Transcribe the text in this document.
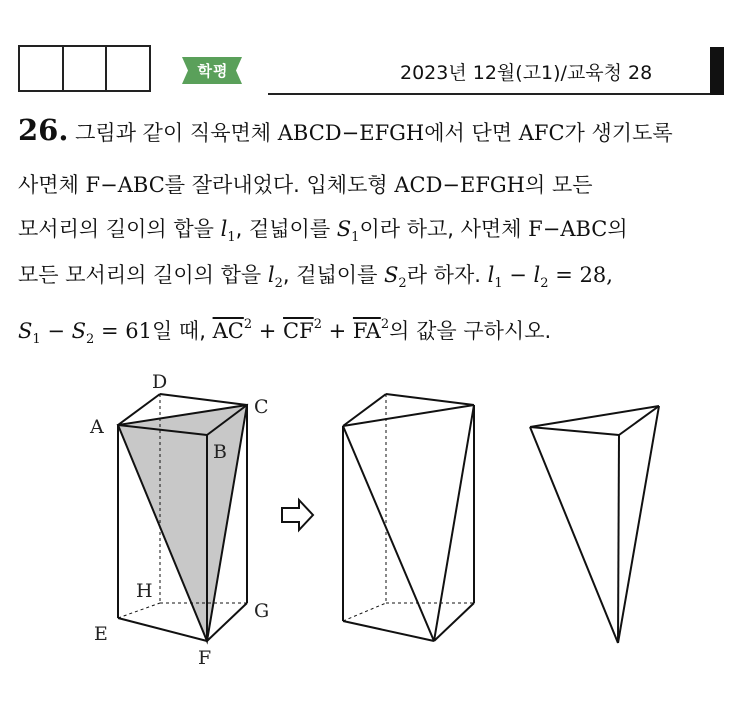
학평	2023년 12월(고1)/교육청 28
26. 그림과 같이 직육면체 ABCD−EFGH에서 단면 AFC가 생기도록
사면체 F−ABC를 잘라내었다. 입체도형 ACD−EFGH의 모든
모서리의 길이의 합을 $l_1$, 겉넓이를 $S_1$이라 하고, 사면체 F−ABC의
모든 모서리의 길이의 합을 $l_2$, 겉넓이를 $S_2$라 하자. $l_1 - l_2 = 28$,
$S_1 - S_2 = 61$일 때, $\overline{AC}^2 + \overline{CF}^2 + \overline{FA}^2$의 값을 구하시오.
D
C
A
B
H
G
E
F
